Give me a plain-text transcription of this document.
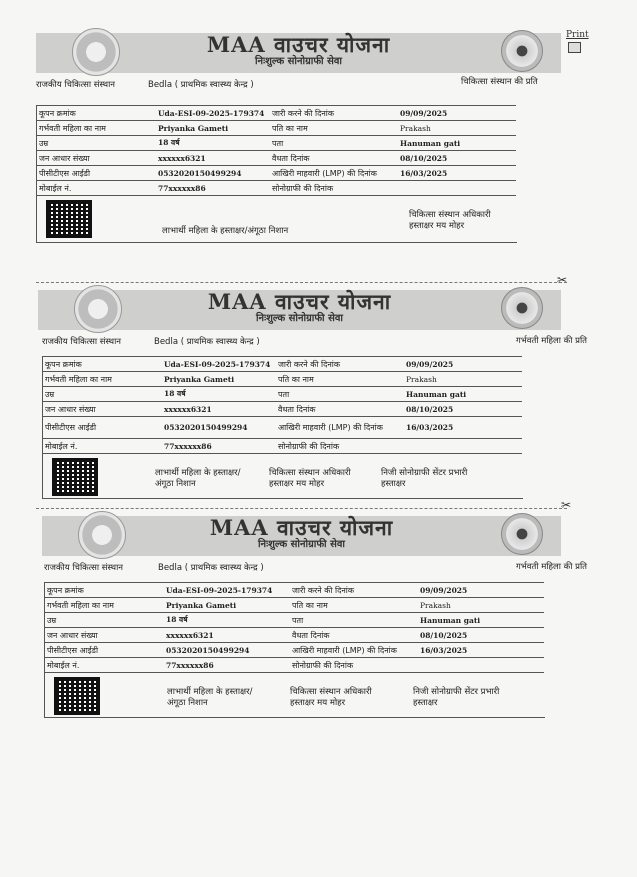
Print
MAA वाउचर योजना
निःशुल्क सोनोग्राफी सेवा
राजकीय चिकित्सा संस्थान	Bedla ( प्राथमिक स्वास्थ्य केन्द्र )	चिकित्सा संस्थान की प्रति
कूपन क्रमांक	Uda-ESI-09-2025-179374	जारी करने की दिनांक	09/09/2025
गर्भवती महिला का नाम	Priyanka Gameti	पति का नाम	Prakash
उम्र	18 वर्ष	पता	Hanuman gati
जन आधार संख्या	xxxxxx6321	वैधता दिनांक	08/10/2025
पीसीटीएस आईडी	0532020150499294	आखिरी माहवारी (LMP) की दिनांक	16/03/2025
मोबाईल नं.	77xxxxxx86	सोनोग्राफी की दिनांक	
लाभार्थी महिला के हस्ताक्षर/अंगूठा निशान
चिकित्सा संस्थान अधिकारी
हस्ताक्षर मय मोहर
✂
MAA वाउचर योजना
निःशुल्क सोनोग्राफी सेवा
राजकीय चिकित्सा संस्थान	Bedla ( प्राथमिक स्वास्थ्य केन्द्र )	गर्भवती महिला की प्रति
कूपन क्रमांक	Uda-ESI-09-2025-179374	जारी करने की दिनांक	09/09/2025
गर्भवती महिला का नाम	Priyanka Gameti	पति का नाम	Prakash
उम्र	18 वर्ष	पता	Hanuman gati
जन आधार संख्या	xxxxxx6321	वैधता दिनांक	08/10/2025
पीसीटीएस आईडी	0532020150499294	आखिरी माहवारी (LMP) की दिनांक	16/03/2025
मोबाईल नं.	77xxxxxx86	सोनोग्राफी की दिनांक	
लाभार्थी महिला के हस्ताक्षर/
अंगूठा निशान
चिकित्सा संस्थान अधिकारी
हस्ताक्षर मय मोहर
निजी सोनोग्राफी सेंटर प्रभारी
हस्ताक्षर
✂
MAA वाउचर योजना
निःशुल्क सोनोग्राफी सेवा
राजकीय चिकित्सा संस्थान	Bedla ( प्राथमिक स्वास्थ्य केन्द्र )	गर्भवती महिला की प्रति
कूपन क्रमांक	Uda-ESI-09-2025-179374	जारी करने की दिनांक	09/09/2025
गर्भवती महिला का नाम	Priyanka Gameti	पति का नाम	Prakash
उम्र	18 वर्ष	पता	Hanuman gati
जन आधार संख्या	xxxxxx6321	वैधता दिनांक	08/10/2025
पीसीटीएस आईडी	0532020150499294	आखिरी माहवारी (LMP) की दिनांक	16/03/2025
मोबाईल नं.	77xxxxxx86	सोनोग्राफी की दिनांक	
लाभार्थी महिला के हस्ताक्षर/
अंगूठा निशान
चिकित्सा संस्थान अधिकारी
हस्ताक्षर मय मोहर
निजी सोनोग्राफी सेंटर प्रभारी
हस्ताक्षर
